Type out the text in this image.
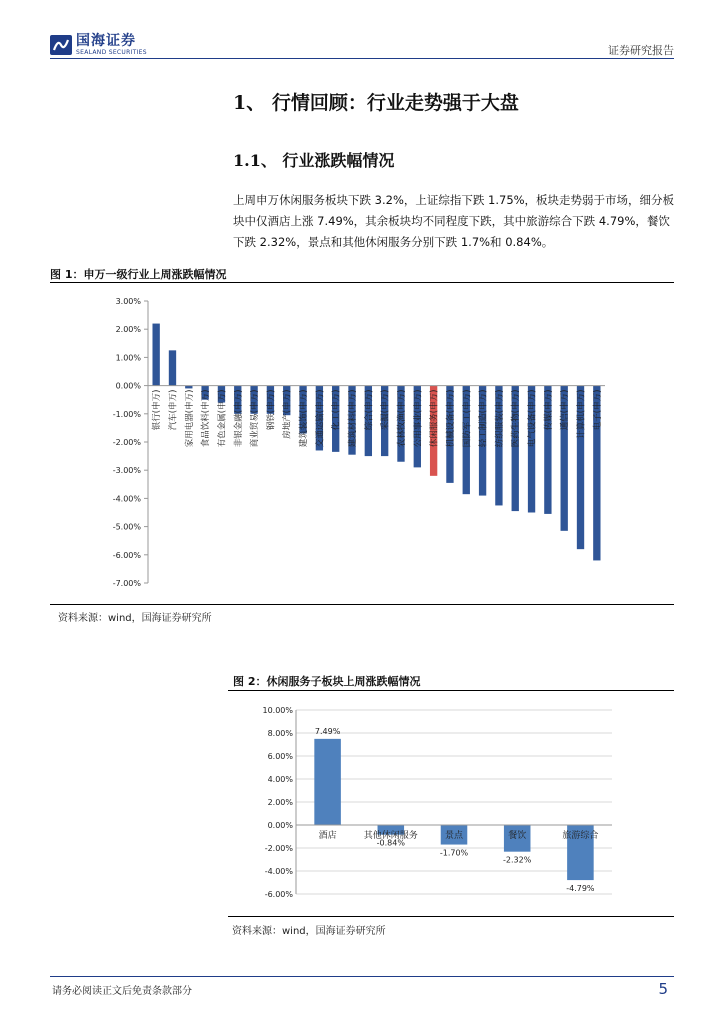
国海证券
SEALAND SECURITIES	证券研究报告
1、 行情回顾：行业走势强于大盘
1.1、 行业涨跌幅情况
上周申万休闲服务板块下跌 3.2%，上证综指下跌 1.75%，板块走势弱于市场，细分板块中仅酒店上涨 7.49%，其余板块均不同程度下跌，其中旅游综合下跌 4.79%，餐饮下跌 2.32%，景点和其他休闲服务分别下跌 1.7%和 0.84%。
图 1：申万一级行业上周涨跌幅情况
3.00%
2.00%
1.00%
0.00%
-1.00%
-2.00%
-3.00%
-4.00%
-5.00%
-6.00%
-7.00%
银行(申万) 汽车(申万) 家用电器(申万) 食品饮料(申万) 有色金属(申万) 非银金融(申万) 商业贸易(申万) 钢铁(申万) 房地产(申万) 建筑装饰(申万) 交通运输(申万) 化工(申万) 建筑材料(申万) 综合(申万) 采掘(申万) 农林牧渔(申万) 公用事业(申万) 休闲服务(申万) 机械设备(申万) 国防军工(申万) 轻工制造(申万) 纺织服装(申万) 医药生物(申万) 电气设备(申万) 传媒(申万) 通信(申万) 计算机(申万) 电子(申万)
资料来源：wind，国海证券研究所
图 2：休闲服务子板块上周涨跌幅情况
10.00%
8.00%
6.00%
4.00%
2.00%
0.00%
-2.00%
-4.00%
-6.00%
酒店	其他休闲服务	景点	餐饮	旅游综合
7.49%
-0.84%
-1.70%
-2.32%
-4.79%
资料来源：wind，国海证券研究所
请务必阅读正文后免责条款部分	5
